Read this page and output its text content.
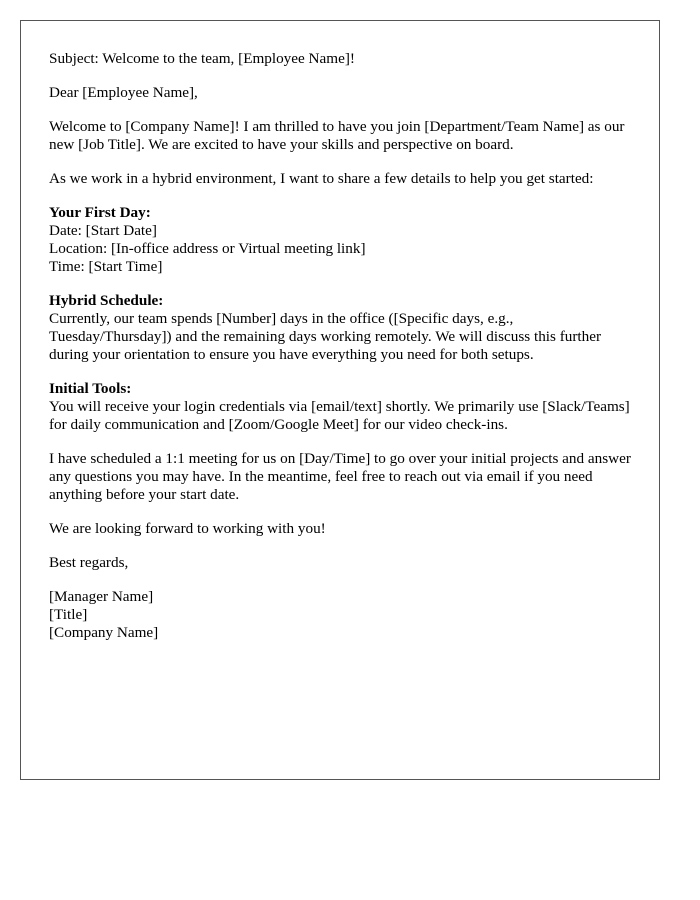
Subject: Welcome to the team, [Employee Name]!

Dear [Employee Name],

Welcome to [Company Name]! I am thrilled to have you join [Department/Team Name] as our new [Job Title]. We are excited to have your skills and perspective on board.

As we work in a hybrid environment, I want to share a few details to help you get started:

Your First Day:
Date: [Start Date]
Location: [In-office address or Virtual meeting link]
Time: [Start Time]
Hybrid Schedule:
Currently, our team spends [Number] days in the office ([Specific days, e.g., Tuesday/Thursday]) and the remaining days working remotely. We will discuss this further during your orientation to ensure you have everything you need for both setups.
Initial Tools:
You will receive your login credentials via [email/text] shortly. We primarily use [Slack/Teams] for daily communication and [Zoom/Google Meet] for our video check-ins.

I have scheduled a 1:1 meeting for us on [Day/Time] to go over your initial projects and answer any questions you may have. In the meantime, feel free to reach out via email if you need anything before your start date.

We are looking forward to working with you!

Best regards,

[Manager Name]
[Title]
[Company Name]
